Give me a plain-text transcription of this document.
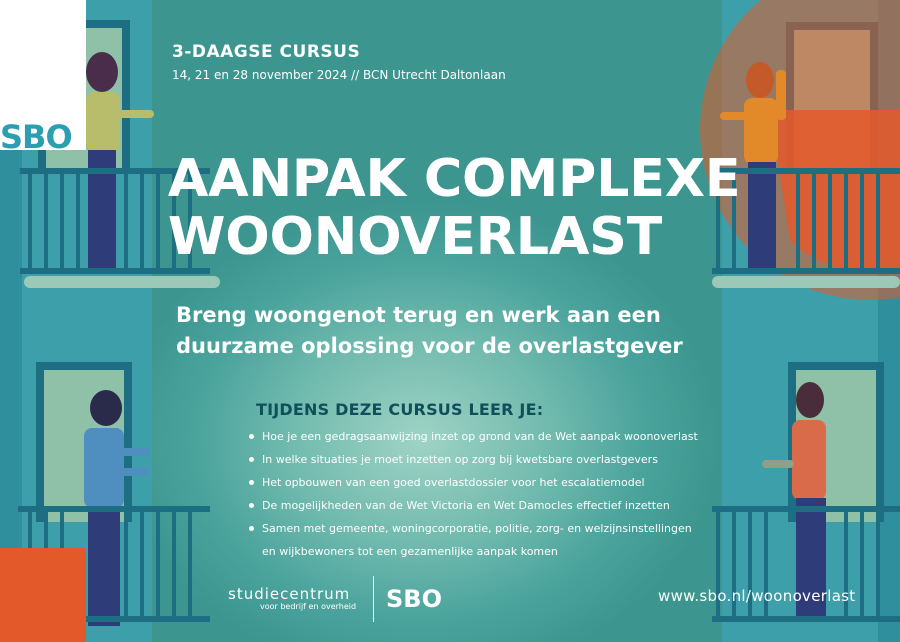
SBO
3-DAAGSE CURSUS
14, 21 en 28 november 2024 // BCN Utrecht Daltonlaan
AANPAK COMPLEXE
WOONOVERLAST
Breng woongenot terug en werk aan een
duurzame oplossing voor de overlastgever
TIJDENS DEZE CURSUS LEER JE:
Hoe je een gedragsaanwijzing inzet op grond van de Wet aanpak woonoverlast
In welke situaties je moet inzetten op zorg bij kwetsbare overlastgevers
Het opbouwen van een goed overlastdossier voor het escalatiemodel
De mogelijkheden van de Wet Victoria en Wet Damocles effectief inzetten
Samen met gemeente, woningcorporatie, politie, zorg- en welzijnsinstellingen
en wijkbewoners tot een gezamenlijke aanpak komen
studiecentrum
voor bedrijf en overheid SBO	www.sbo.nl/woonoverlast
